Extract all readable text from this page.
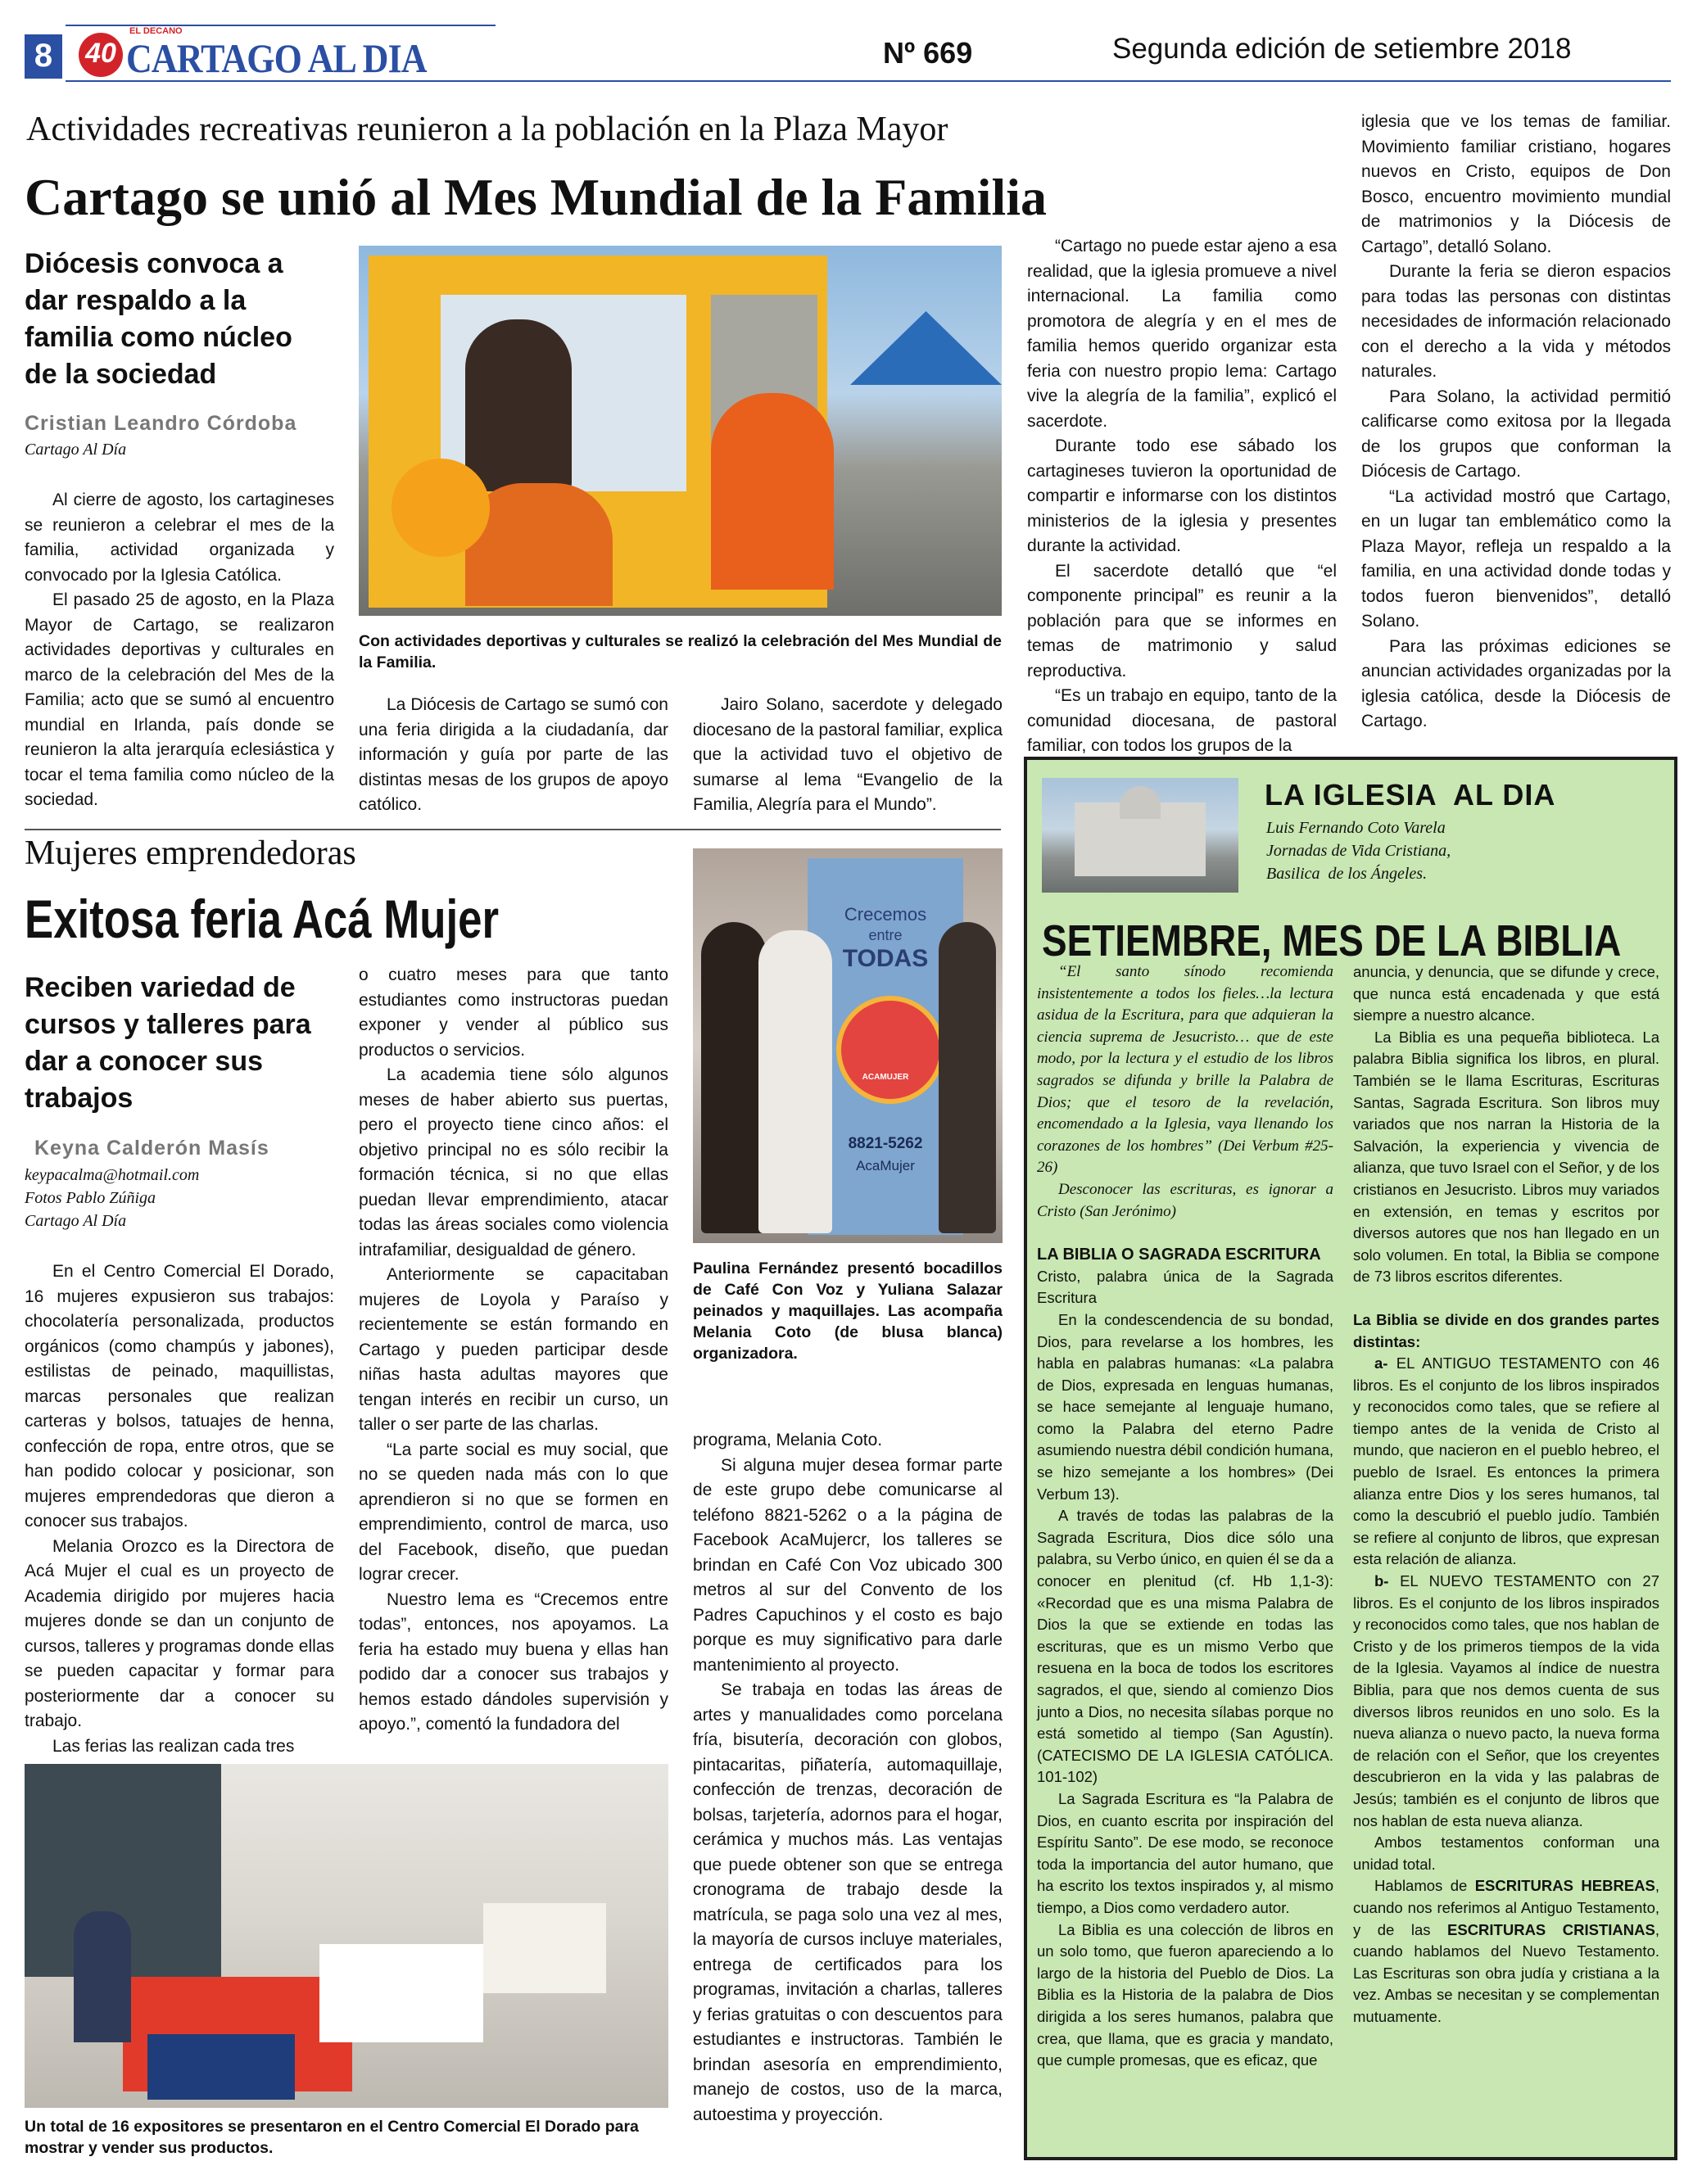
8	40
EL DECANO
CARTAGO AL DIA	Nº 669	Segunda edición de setiembre 2018
Actividades recreativas reunieron a la población en la Plaza Mayor
Cartago se unió al Mes Mundial de la Familia
Diócesis convoca a dar respaldo a la familia como núcleo de la sociedad
Cristian Leandro Córdoba
Cartago Al Día

Al cierre de agosto, los cartagineses se reunieron a celebrar el mes de la familia, actividad organizada y convocado por la Iglesia Católica.

El pasado 25 de agosto, en la Plaza Mayor de Cartago, se realizaron actividades deportivas y culturales en marco de la celebración del Mes de la Familia; acto que se sumó al encuentro mundial en Irlanda, país donde se reunieron la alta jerarquía eclesiástica y tocar el tema familia como núcleo de la sociedad.

Con actividades deportivas y culturales se realizó la celebración del Mes Mundial de la Familia.

La Diócesis de Cartago se sumó con una feria dirigida a la ciudadanía, dar información y guía por parte de las distintas mesas de los grupos de apoyo católico.

Jairo Solano, sacerdote y delegado diocesano de la pastoral familiar, explica que la actividad tuvo el objetivo de sumarse al lema “Evangelio de la Familia, Alegría para el Mundo”.

“Cartago no puede estar ajeno a esa realidad, que la iglesia promueve a nivel internacional. La familia como promotora de alegría y en el mes de familia hemos querido organizar esta feria con nuestro propio lema: Cartago vive la alegría de la familia”, explicó el sacerdote.

Durante todo ese sábado los cartagineses tuvieron la oportunidad de compartir e informarse con los distintos ministerios de la iglesia y presentes durante la actividad.

El sacerdote detalló que “el componente principal” es reunir a la población para que se informes en temas de matrimonio y salud reproductiva.

“Es un trabajo en equipo, tanto de la comunidad diocesana, de pastoral familiar, con todos los grupos de la

iglesia que ve los temas de familiar. Movimiento familiar cristiano, hogares nuevos en Cristo, equipos de Don Bosco, encuentro movimiento mundial de matrimonios y la Diócesis de Cartago”, detalló Solano.

Durante la feria se dieron espacios para todas las personas con distintas necesidades de información relacionado con el derecho a la vida y métodos naturales.

Para Solano, la actividad permitió calificarse como exitosa por la llegada de los grupos que conforman la Diócesis de Cartago.

“La actividad mostró que Cartago, en un lugar tan emblemático como la Plaza Mayor, refleja un respaldo a la familia, en una actividad donde todas y todos fueron bienvenidos”, detalló Solano.

Para las próximas ediciones se anuncian actividades organizadas por la iglesia católica, desde la Diócesis de Cartago.

Mujeres emprendedoras
Exitosa feria Acá Mujer
Reciben variedad de cursos y talleres para dar a conocer sus trabajos
Keyna Calderón Masís
keypacalma@hotmail.com
Fotos Pablo Zúñiga
Cartago Al Día

En el Centro Comercial El Dorado, 16 mujeres expusieron sus trabajos: chocolatería personalizada, productos orgánicos (como champús y jabones), estilistas de peinado, maquillistas, marcas personales que realizan carteras y bolsos, tatuajes de henna, confección de ropa, entre otros, que se han podido colocar y posicionar, son mujeres emprendedoras que dieron a conocer sus trabajos.

Melania Orozco es la Directora de Acá Mujer el cual es un proyecto de Academia dirigido por mujeres hacia mujeres donde se dan un conjunto de cursos, talleres y programas donde ellas se pueden capacitar y formar para posteriormente dar a conocer su trabajo.

Las ferias las realizan cada tres

o cuatro meses para que tanto estudiantes como instructoras puedan exponer y vender al público sus productos o servicios.

La academia tiene sólo algunos meses de haber abierto sus puertas, pero el proyecto tiene cinco años: el objetivo principal no es sólo recibir la formación técnica, si no que ellas puedan llevar emprendimiento, atacar todas las áreas sociales como violencia intrafamiliar, desigualdad de género.

Anteriormente se capacitaban mujeres de Loyola y Paraíso y recientemente se están formando en Cartago y pueden participar desde niñas hasta adultas mayores que tengan interés en recibir un curso, un taller o ser parte de las charlas.

“La parte social es muy social, que no se queden nada más con lo que aprendieron si no que se formen en emprendimiento, control de marca, uso del Facebook, diseño, que puedan lograr crecer.

Nuestro lema es “Crecemos entre todas”, entonces, nos apoyamos. La feria ha estado muy buena y ellas han podido dar a conocer sus trabajos y hemos estado dándoles supervisión y apoyo.”, comentó la fundadora del

Crecemos
entre
TODAS
ACAMUJER
8821-5262
AcaMujer
Paulina Fernández presentó bocadillos de Café Con Voz y Yuliana Salazar peinados y maquillajes. Las acompaña Melania Coto (de blusa blanca) organizadora.
programa, Melania Coto.

Si alguna mujer desea formar parte de este grupo debe comunicarse al teléfono 8821-5262 o a la página de Facebook AcaMujercr, los talleres se brindan en Café Con Voz ubicado 300 metros al sur del Convento de los Padres Capuchinos y el costo es bajo porque es muy significativo para darle mantenimiento al proyecto.

Se trabaja en todas las áreas de artes y manualidades como porcelana fría, bisutería, decoración con globos, pintacaritas, piñatería, automaquillaje, confección de trenzas, decoración de bolsas, tarjetería, adornos para el hogar, cerámica y muchos más. Las ventajas que puede obtener son que se entrega cronograma de trabajo desde la matrícula, se paga solo una vez al mes, la mayoría de cursos incluye materiales, entrega de certificados para los programas, invitación a charlas, talleres y ferias gratuitas o con descuentos para estudiantes e instructoras. También le brindan asesoría en emprendimiento, manejo de costos, uso de la marca, autoestima y proyección.

Un total de 16 expositores se presentaron en el Centro Comercial El Dorado para mostrar y vender sus productos.
LA IGLESIA  AL DIA
Luis Fernando Coto Varela
Jornadas de Vida Cristiana,
Basilica  de los Ángeles.
SETIEMBRE, MES DE LA BIBLIA

“El santo sínodo recomienda insistentemente a todos los fieles…la lectura asidua de la Escritura, para que adquieran la ciencia suprema de Jesucristo… que de este modo, por la lectura y el estudio de los libros sagrados se difunda y brille la Palabra de Dios; que el tesoro de la revelación, encomendado a la Iglesia, vaya llenando los corazones de los hombres” (Dei Verbum #25-26)

Desconocer las escrituras, es ignorar a Cristo (San Jerónimo)

LA BIBLIA O SAGRADA ESCRITURA
Cristo, palabra única de la Sagrada Escritura

En la condescendencia de su bondad, Dios, para revelarse a los hombres, les habla en palabras humanas: «La palabra de Dios, expresada en lenguas humanas, se hace semejante al lenguaje humano, como la Palabra del eterno Padre asumiendo nuestra débil condición humana, se hizo semejante a los hombres» (Dei Verbum 13).

A través de todas las palabras de la Sagrada Escritura, Dios dice sólo una palabra, su Verbo único, en quien él se da a conocer en plenitud (cf. Hb 1,1-3): «Recordad que es una misma Palabra de Dios la que se extiende en todas las escrituras, que es un mismo Verbo que resuena en la boca de todos los escritores sagrados, el que, siendo al comienzo Dios junto a Dios, no necesita sílabas porque no está sometido al tiempo (San Agustín). (CATECISMO DE LA IGLESIA CATÓLICA. 101-102)

La Sagrada Escritura es “la Palabra de Dios, en cuanto escrita por inspiración del Espíritu Santo”. De ese modo, se reconoce toda la importancia del autor humano, que ha escrito los textos inspirados y, al mismo tiempo, a Dios como verdadero autor.

La Biblia es una colección de libros en un solo tomo, que fueron apareciendo a lo largo de la historia del Pueblo de Dios. La Biblia es la Historia de la palabra de Dios dirigida a los seres humanos, palabra que crea, que llama, que es gracia y mandato, que cumple promesas, que es eficaz, que

anuncia, y denuncia, que se difunde y crece, que nunca está encadenada y que está siempre a nuestro alcance.

La Biblia es una pequeña biblioteca. La palabra Biblia significa los libros, en plural. También se le llama Escrituras, Escrituras Santas, Sagrada Escritura. Son libros muy variados que nos narran la Historia de la Salvación, la experiencia y vivencia de alianza, que tuvo Israel con el Señor, y de los cristianos en Jesucristo. Libros muy variados en extensión, en temas y escritos por diversos autores que nos han llegado en un solo volumen. En total, la Biblia se compone de 73 libros escritos diferentes.

La Biblia se divide en dos grandes partes distintas:

a- EL ANTIGUO TESTAMENTO con 46 libros. Es el conjunto de los libros inspirados y reconocidos como tales, que se refiere al tiempo antes de la venida de Cristo al mundo, que nacieron en el pueblo hebreo, el pueblo de Israel. Es entonces la primera alianza entre Dios y los seres humanos, tal como la descubrió el pueblo judío. También se refiere al conjunto de libros, que expresan esta relación de alianza.

b- EL NUEVO TESTAMENTO con 27 libros. Es el conjunto de los libros inspirados y reconocidos como tales, que nos hablan de Cristo y de los primeros tiempos de la vida de la Iglesia. Vayamos al índice de nuestra Biblia, para que nos demos cuenta de sus diversos libros reunidos en uno solo. Es la nueva alianza o nuevo pacto, la nueva forma de relación con el Señor, que los creyentes descubrieron en la vida y las palabras de Jesús; también es el conjunto de libros que nos hablan de esta nueva alianza.

Ambos testamentos conforman una unidad total.

Hablamos de ESCRITURAS HEBREAS, cuando nos referimos al Antiguo Testamento, y de las ESCRITURAS CRISTIANAS, cuando hablamos del Nuevo Testamento. Las Escrituras son obra judía y cristiana a la vez. Ambas se necesitan y se complementan mutuamente.
